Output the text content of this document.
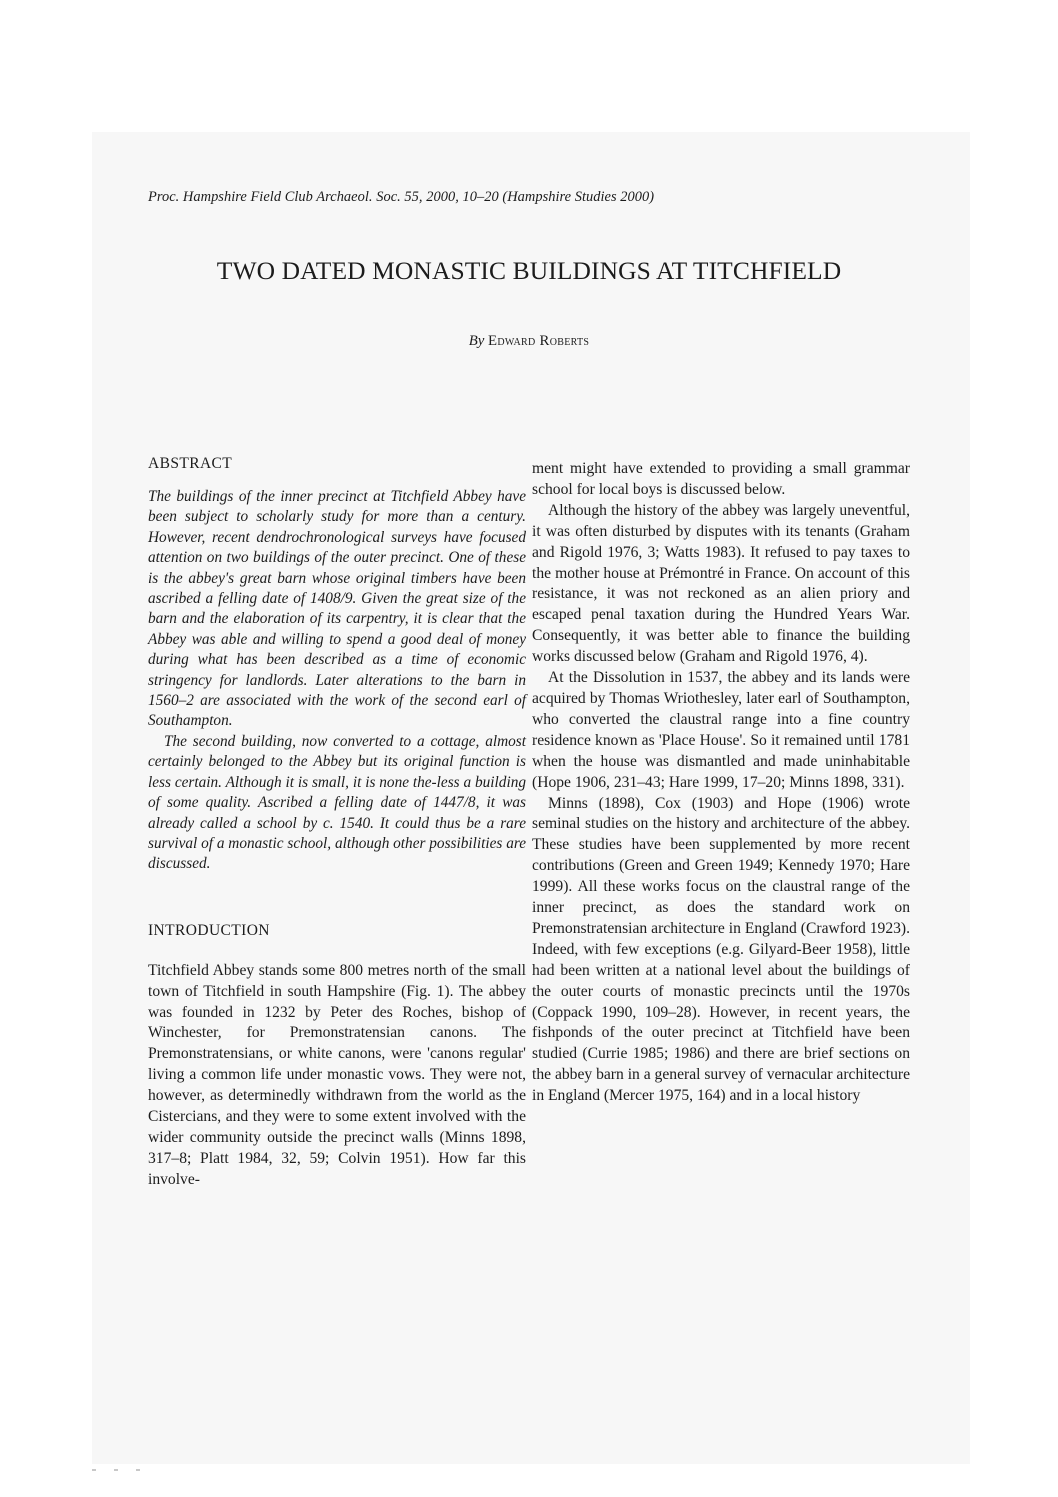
Proc. Hampshire Field Club Archaeol. Soc. 55, 2000, 10–20 (Hampshire Studies 2000)
TWO DATED MONASTIC BUILDINGS AT TITCHFIELD
By Edward Roberts
ABSTRACT

The buildings of the inner precinct at Titchfield Abbey have been subject to scholarly study for more than a century. However, recent dendrochronological surveys have focused attention on two buildings of the outer precinct. One of these is the abbey's great barn whose original timbers have been ascribed a felling date of 1408/9. Given the great size of the barn and the elaboration of its carpentry, it is clear that the Abbey was able and willing to spend a good deal of money during what has been described as a time of economic stringency for landlords. Later alterations to the barn in 1560–2 are associated with the work of the second earl of Southampton.

The second building, now converted to a cottage, almost certainly belonged to the Abbey but its original function is less certain. Although it is small, it is none the-less a building of some quality. Ascribed a felling date of 1447/8, it was already called a school by c. 1540. It could thus be a rare survival of a monastic school, although other possibilities are discussed.

INTRODUCTION

Titchfield Abbey stands some 800 metres north of the small town of Titchfield in south Hampshire (Fig. 1). The abbey was founded in 1232 by Peter des Roches, bishop of Winchester, for Premonstratensian canons. The Premonstratensians, or white canons, were 'canons regular' living a common life under monastic vows. They were not, however, as determinedly withdrawn from the world as the Cistercians, and they were to some extent involved with the wider community outside the precinct walls (Minns 1898, 317–8; Platt 1984, 32, 59; Colvin 1951). How far this involve-

ment might have extended to providing a small grammar school for local boys is discussed below.

Although the history of the abbey was largely uneventful, it was often disturbed by disputes with its tenants (Graham and Rigold 1976, 3; Watts 1983). It refused to pay taxes to the mother house at Prémontré in France. On account of this resistance, it was not reckoned as an alien priory and escaped penal taxation during the Hundred Years War. Consequently, it was better able to finance the building works discussed below (Graham and Rigold 1976, 4).

At the Dissolution in 1537, the abbey and its lands were acquired by Thomas Wriothesley, later earl of Southampton, who converted the claustral range into a fine country residence known as 'Place House'. So it remained until 1781 when the house was dismantled and made uninhabitable (Hope 1906, 231–43; Hare 1999, 17–20; Minns 1898, 331).

Minns (1898), Cox (1903) and Hope (1906) wrote seminal studies on the history and architecture of the abbey. These studies have been supplemented by more recent contributions (Green and Green 1949; Kennedy 1970; Hare 1999). All these works focus on the claustral range of the inner precinct, as does the standard work on Premonstratensian architecture in England (Crawford 1923). Indeed, with few exceptions (e.g. Gilyard-Beer 1958), little had been written at a national level about the buildings of the outer courts of monastic precincts until the 1970s (Coppack 1990, 109–28). However, in recent years, the fishponds of the outer precinct at Titchfield have been studied (Currie 1985; 1986) and there are brief sections on the abbey barn in a general survey of vernacular architecture in England (Mercer 1975, 164) and in a local history
